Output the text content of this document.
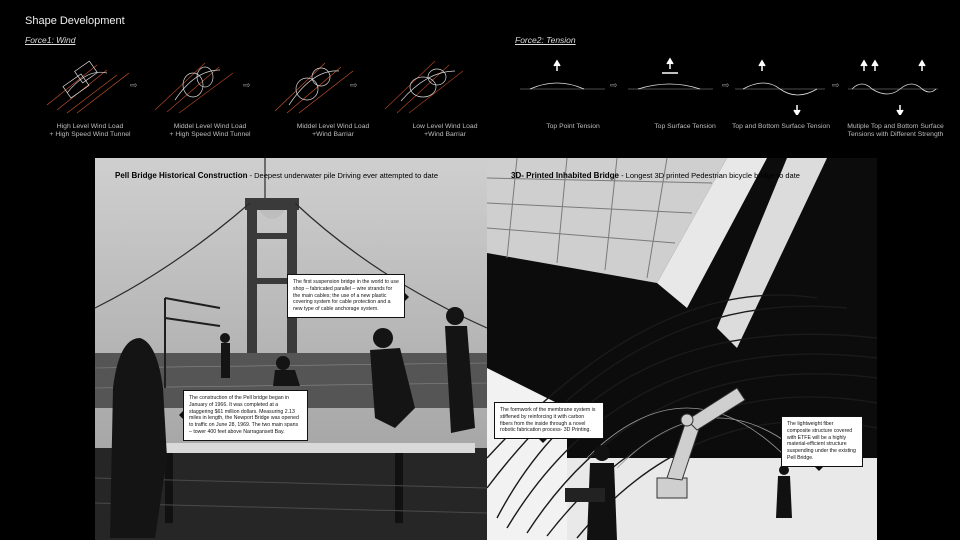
Shape Development
Force1: Wind
⇨	⇨	⇨
High Level Wind Load
+ High Speed Wind Tunnel
Middel Level Wind Load
+ High Speed Wind Tunnel
Middel Level Wind Load
+Wind Barriar
Low Level Wind Load
+Wind Barriar
Force2: Tension
⇨	⇨	⇨
Top Point Tension	Top Surface Tension	Top and Bottom Surface Tension	Mutiple Top and Bottom Surface
Tensions with Different Strength
Pell Bridge Historical Construction - Deepest underwater pile Driving ever attempted to date
The first suspension bridge in the world to use shop – fabricated parallel – wire strands for the main cables; the use of a new plastic covering system for cable protection and a new type of cable anchorage system.
The construction of the Pell bridge began in January of 1966. It was completed at a staggering $61 million dollars. Measuring 2.13 miles in length, the Newport Bridge was opened to traffic on June 28, 1969. The two main spans – tower 400 feet above Narragansett Bay.
3D- Printed Inhabited Bridge - Longest 3D printed Pedestrian bicycle bridge to date
The formwork of the membrane system is stiffened by reinforcing it with carbon fibers from the inside through a novel robotic fabrication process- 3D Printing.
The lightweight fiber composite structure covered with ETFE will be a highly material-efficient structure suspending under the existing Pell Bridge.
